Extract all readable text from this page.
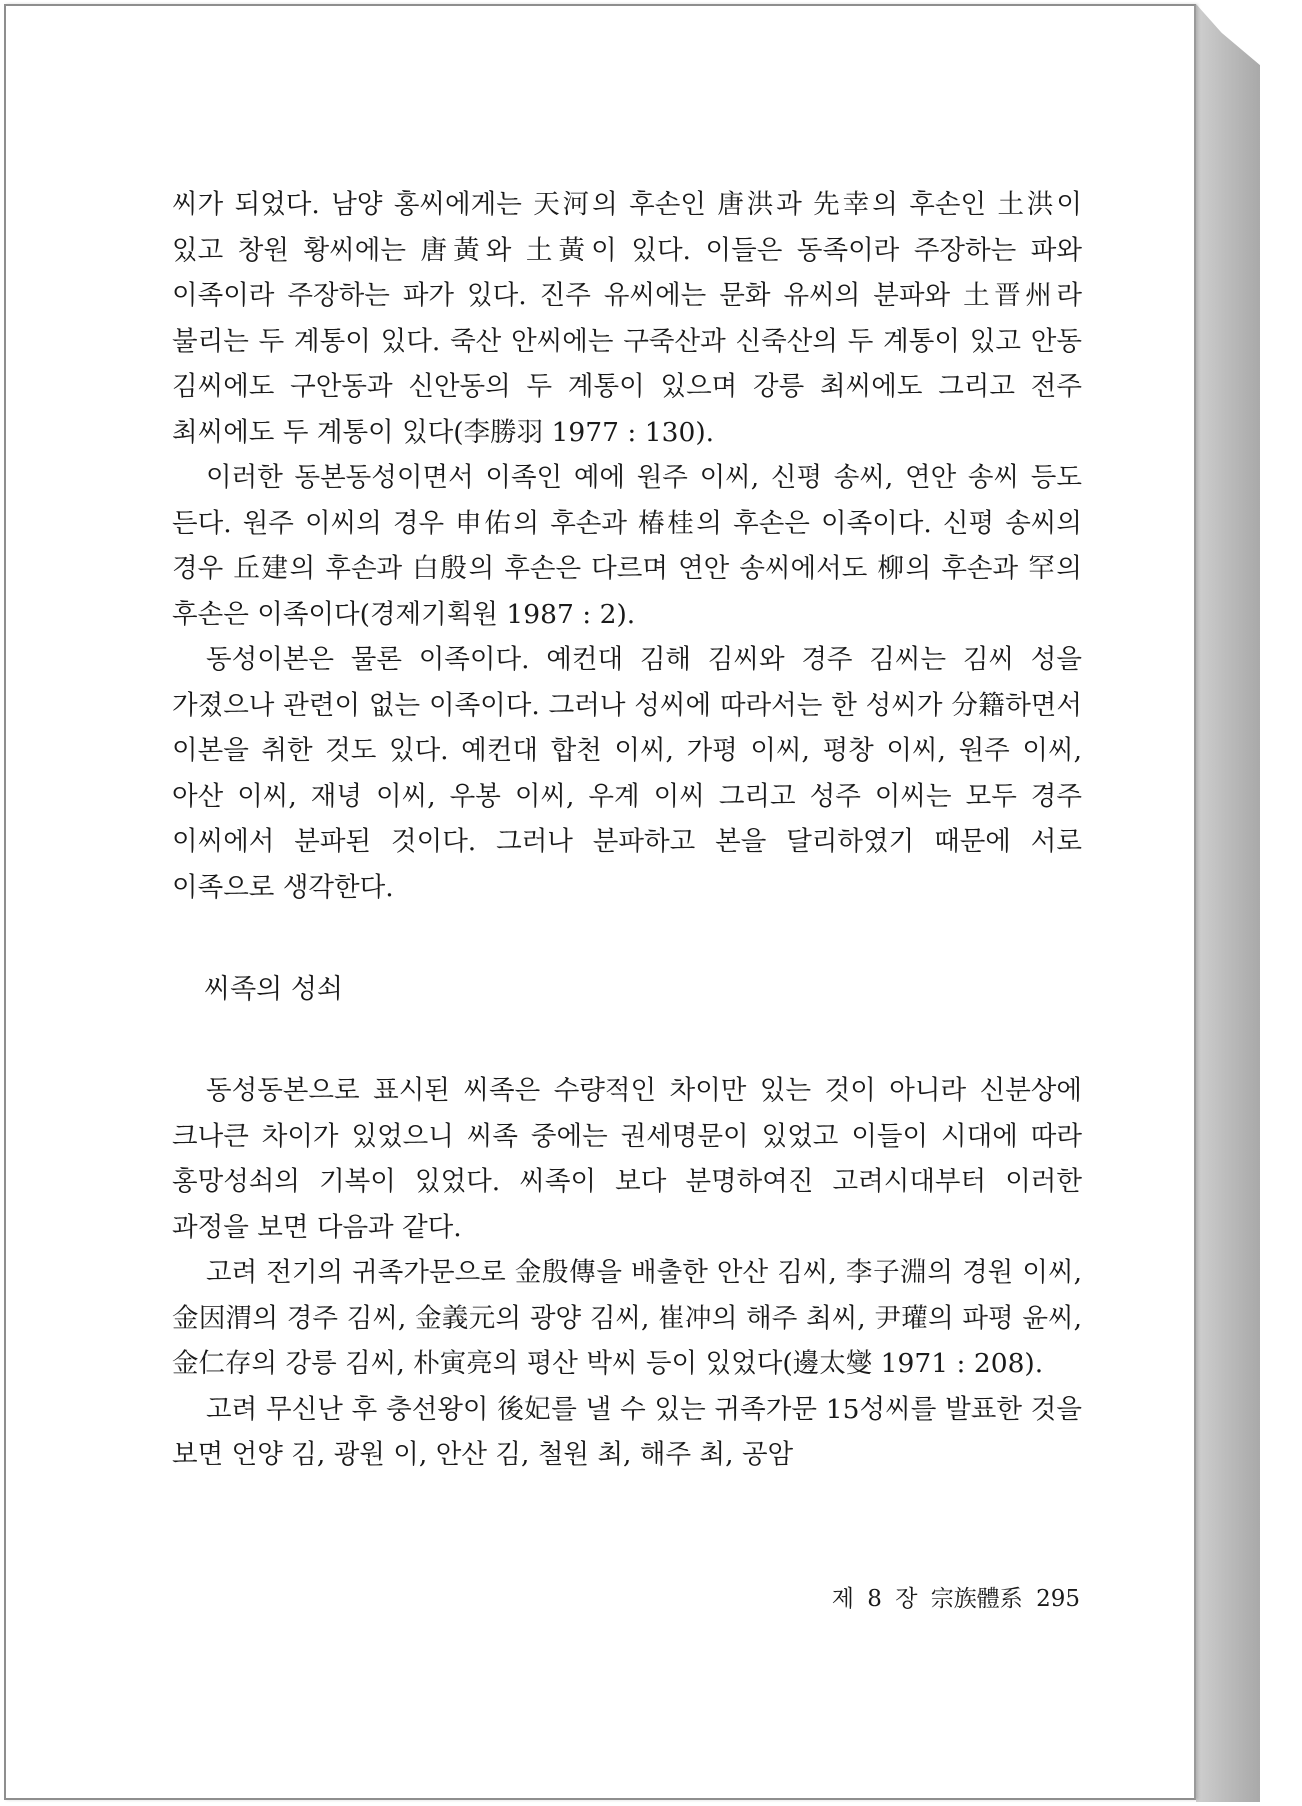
씨가 되었다. 남양 홍씨에게는 天河의 후손인 唐洪과 先幸의 후손인 土洪이 있고 창원 황씨에는 唐黃와 土黃이 있다. 이들은 동족이라 주장하는 파와 이족이라 주장하는 파가 있다. 진주 유씨에는 문화 유씨의 분파와 土晋州라 불리는 두 계통이 있다. 죽산 안씨에는 구죽산과 신죽산의 두 계통이 있고 안동 김씨에도 구안동과 신안동의 두 계통이 있으며 강릉 최씨에도 그리고 전주 최씨에도 두 계통이 있다(李勝羽 1977 : 130).

이러한 동본동성이면서 이족인 예에 원주 이씨, 신평 송씨, 연안 송씨 등도 든다. 원주 이씨의 경우 申佑의 후손과 椿桂의 후손은 이족이다. 신평 송씨의 경우 丘建의 후손과 白殷의 후손은 다르며 연안 송씨에서도 柳의 후손과 罕의 후손은 이족이다(경제기획원 1987 : 2).

동성이본은 물론 이족이다. 예컨대 김해 김씨와 경주 김씨는 김씨 성을 가졌으나 관련이 없는 이족이다. 그러나 성씨에 따라서는 한 성씨가 分籍하면서 이본을 취한 것도 있다. 예컨대 합천 이씨, 가평 이씨, 평창 이씨, 원주 이씨, 아산 이씨, 재녕 이씨, 우봉 이씨, 우계 이씨 그리고 성주 이씨는 모두 경주 이씨에서 분파된 것이다. 그러나 분파하고 본을 달리하였기 때문에 서로 이족으로 생각한다.

씨족의 성쇠

동성동본으로 표시된 씨족은 수량적인 차이만 있는 것이 아니라 신분상에 크나큰 차이가 있었으니 씨족 중에는 권세명문이 있었고 이들이 시대에 따라 홍망성쇠의 기복이 있었다. 씨족이 보다 분명하여진 고려시대부터 이러한 과정을 보면 다음과 같다.

고려 전기의 귀족가문으로 金殷傳을 배출한 안산 김씨, 李子淵의 경원 이씨, 金因渭의 경주 김씨, 金義元의 광양 김씨, 崔冲의 해주 최씨, 尹瓘의 파평 윤씨, 金仁存의 강릉 김씨, 朴寅亮의 평산 박씨 등이 있었다(邊太燮 1971 : 208).

고려 무신난 후 충선왕이 後妃를 낼 수 있는 귀족가문 15성씨를 발표한 것을 보면 언양 김, 광원 이, 안산 김, 철원 최, 해주 최, 공암

제 8 장 宗族體系 295
